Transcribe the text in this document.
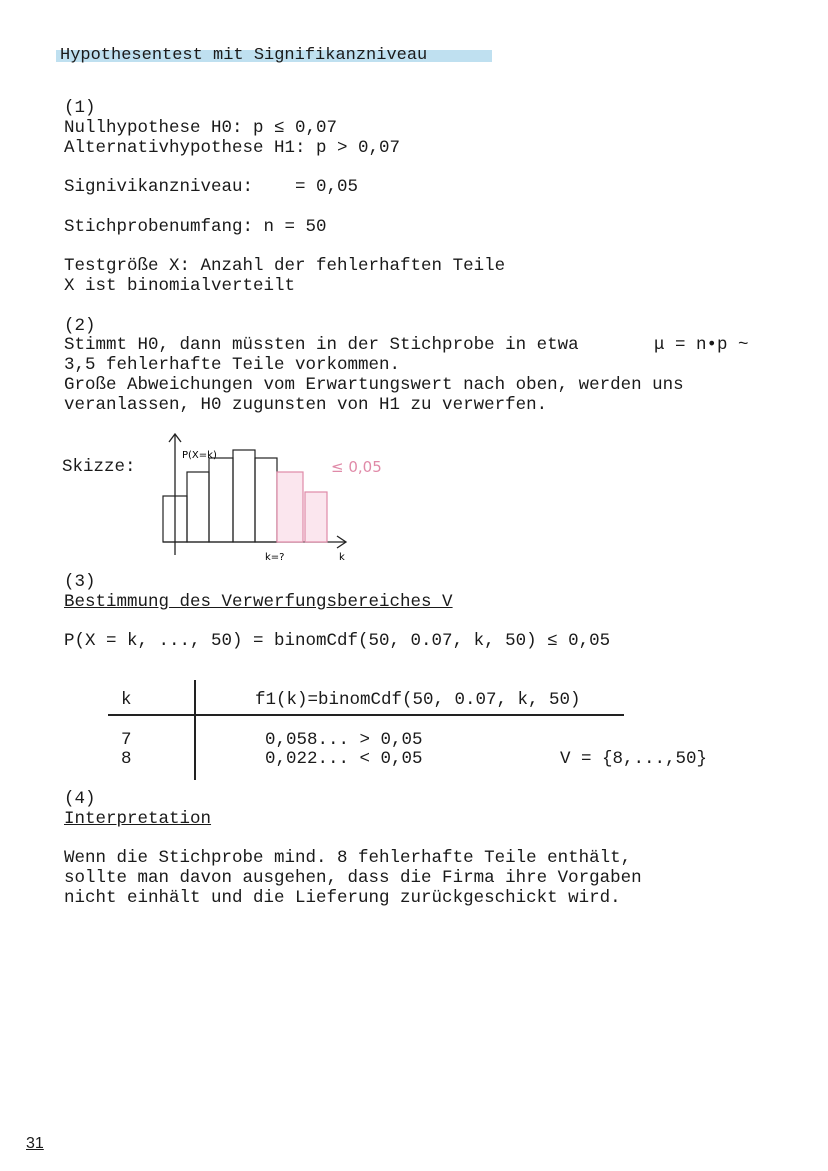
Hypothesentest mit Signifikanzniveau
(1)
Nullhypothese H0: p ≤ 0,07
Alternativhypothese H1: p > 0,07
Signivikanzniveau:    = 0,05
Stichprobenumfang: n = 50
Testgröße X: Anzahl der fehlerhaften Teile
X ist binomialverteilt
(2)
Stimmt H0, dann müssten in der Stichprobe in etwa	μ = n•p ~
3,5 fehlerhafte Teile vorkommen.
Große Abweichungen vom Erwartungswert nach oben, werden uns
veranlassen, H0 zugunsten von H1 zu verwerfen.
Skizze:
P(X=k)
k=?	k
≤ 0,05
(3)
Bestimmung des Verwerfungsbereiches V
P(X = k, ..., 50) = binomCdf(50, 0.07, k, 50) ≤ 0,05
k	f1(k)=binomCdf(50, 0.07, k, 50)
7	0,058... > 0,05
8	0,022... < 0,05	V = {8,...,50}
(4)
Interpretation
Wenn die Stichprobe mind. 8 fehlerhafte Teile enthält,
sollte man davon ausgehen, dass die Firma ihre Vorgaben
nicht einhält und die Lieferung zurückgeschickt wird.
31
